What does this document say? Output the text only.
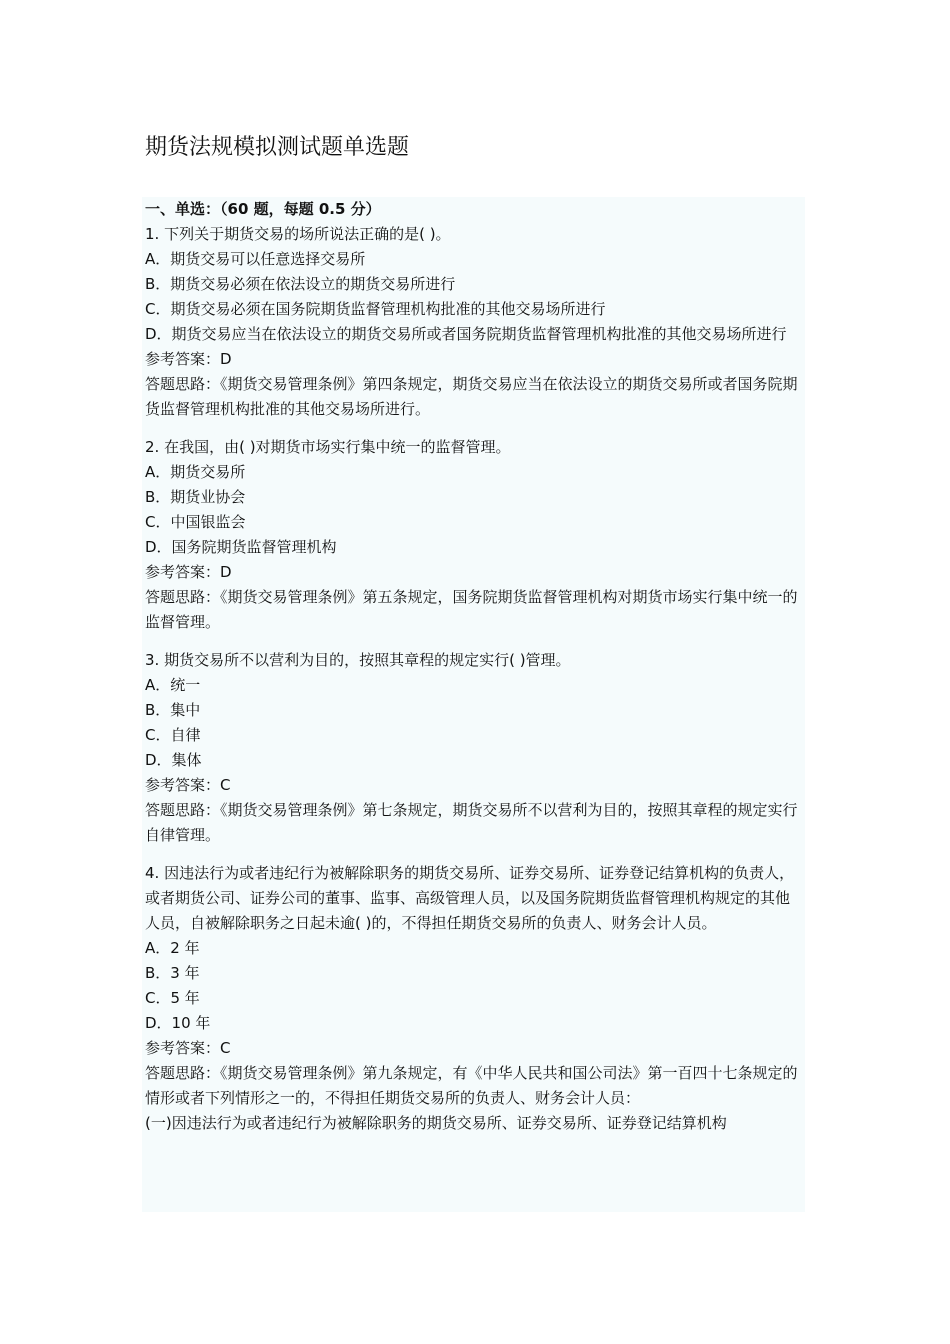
期货法规模拟测试题单选题

一、单选：（60 题，每题 0.5 分）

1. 下列关于期货交易的场所说法正确的是( )。

A．期货交易可以任意选择交易所

B．期货交易必须在依法设立的期货交易所进行

C．期货交易必须在国务院期货监督管理机构批准的其他交易场所进行

D．期货交易应当在依法设立的期货交易所或者国务院期货监督管理机构批准的其他交易场所进行

参考答案：D

答题思路：《期货交易管理条例》第四条规定，期货交易应当在依法设立的期货交易所或者国务院期货监督管理机构批准的其他交易场所进行。

2. 在我国，由( )对期货市场实行集中统一的监督管理。

A．期货交易所

B．期货业协会

C．中国银监会

D．国务院期货监督管理机构

参考答案：D

答题思路：《期货交易管理条例》第五条规定，国务院期货监督管理机构对期货市场实行集中统一的监督管理。

3. 期货交易所不以营利为目的，按照其章程的规定实行( )管理。

A．统一

B．集中

C．自律

D．集体

参考答案：C

答题思路：《期货交易管理条例》第七条规定，期货交易所不以营利为目的，按照其章程的规定实行自律管理。

4. 因违法行为或者违纪行为被解除职务的期货交易所、证券交易所、证券登记结算机构的负责人，或者期货公司、证券公司的董事、监事、高级管理人员，以及国务院期货监督管理机构规定的其他人员，自被解除职务之日起未逾( )的，不得担任期货交易所的负责人、财务会计人员。

A．2 年

B．3 年

C．5 年

D．10 年

参考答案：C

答题思路：《期货交易管理条例》第九条规定，有《中华人民共和国公司法》第一百四十七条规定的情形或者下列情形之一的，不得担任期货交易所的负责人、财务会计人员：

(一)因违法行为或者违纪行为被解除职务的期货交易所、证券交易所、证券登记结算机构
